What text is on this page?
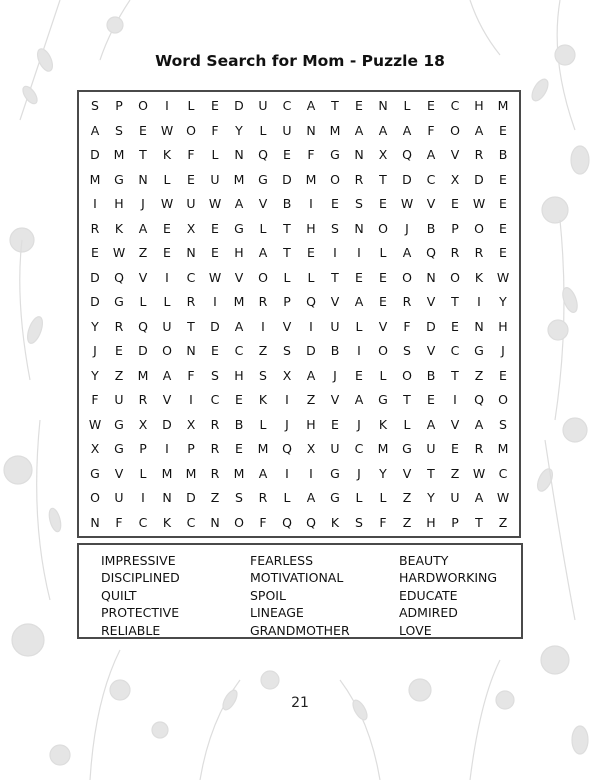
Word Search for Mom - Puzzle 18
S	P	O	I	L	E	D	U	C	A	T	E	N	L	E	C	H	M
A	S	E	W	O	F	Y	L	U	N	M	A	A	A	F	O	A	E
D	M	T	K	F	L	N	Q	E	F	G	N	X	Q	A	V	R	B
M	G	N	L	E	U	M	G	D	M	O	R	T	D	C	X	D	E
I	H	J	W	U	W	A	V	B	I	E	S	E	W	V	E	W	E
R	K	A	E	X	E	G	L	T	H	S	N	O	J	B	P	O	E
E	W	Z	E	N	E	H	A	T	E	I	I	L	A	Q	R	R	E
D	Q	V	I	C	W	V	O	L	L	T	E	E	O	N	O	K	W
D	G	L	L	R	I	M	R	P	Q	V	A	E	R	V	T	I	Y
Y	R	Q	U	T	D	A	I	V	I	U	L	V	F	D	E	N	H
J	E	D	O	N	E	C	Z	S	D	B	I	O	S	V	C	G	J
Y	Z	M	A	F	S	H	S	X	A	J	E	L	O	B	T	Z	E
F	U	R	V	I	C	E	K	I	Z	V	A	G	T	E	I	Q	O
W	G	X	D	X	R	B	L	J	H	E	J	K	L	A	V	A	S
X	G	P	I	P	R	E	M	Q	X	U	C	M	G	U	E	R	M
G	V	L	M	M	R	M	A	I	I	G	J	Y	V	T	Z	W	C
O	U	I	N	D	Z	S	R	L	A	G	L	L	Z	Y	U	A	W
N	F	C	K	C	N	O	F	Q	Q	K	S	F	Z	H	P	T	Z
IMPRESSIVE
DISCIPLINED
QUILT
PROTECTIVE
RELIABLE
FEARLESS
MOTIVATIONAL
SPOIL
LINEAGE
GRANDMOTHER
BEAUTY
HARDWORKING
EDUCATE
ADMIRED
LOVE
21
